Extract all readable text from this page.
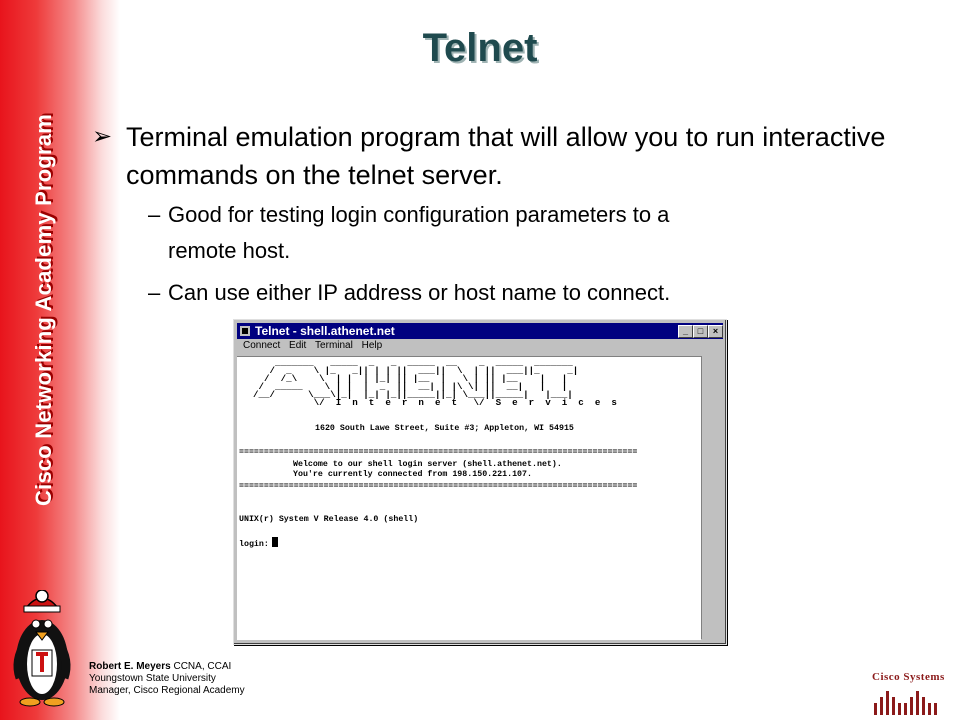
Cisco Networking Academy Program
Telnet
➢ Terminal emulation program that will allow you to run interactive commands on the telnet server.
– Good for testing login configuration parameters to a
remote host.
– Can use either IP address or host name to connect.
Telnet - shell.athenet.net	_	□	×
Connect Edit Terminal Help
_______   _____  _   _  _____  __    _  _____  _______
/  _    \ |_   _|| | | ||  ___||  \  | ||  ___||_     _|
/  /_\    \  | |  | |_| || |__  |   \ | || |__    |   |
/  _____    \ | |  |  _  ||  __| | |\ \| ||  __|   |   |
/__/      \___\|_|  |_| |_||_____||_| \___||_____|   |___|
\/  I  n  t  e  r  n  e  t   \/  S  e  r  v  i  c  e  s
1620 South Lawe Street, Suite #3; Appleton, WI 54915
================================================================================
Welcome to our shell login server (shell.athenet.net).
You're currently connected from 198.150.221.107.
================================================================================
UNIX(r) System V Release 4.0 (shell)
login:
Robert E. Meyers CCNA, CCAI
Youngstown State University
Manager, Cisco Regional Academy
Cisco Systems
